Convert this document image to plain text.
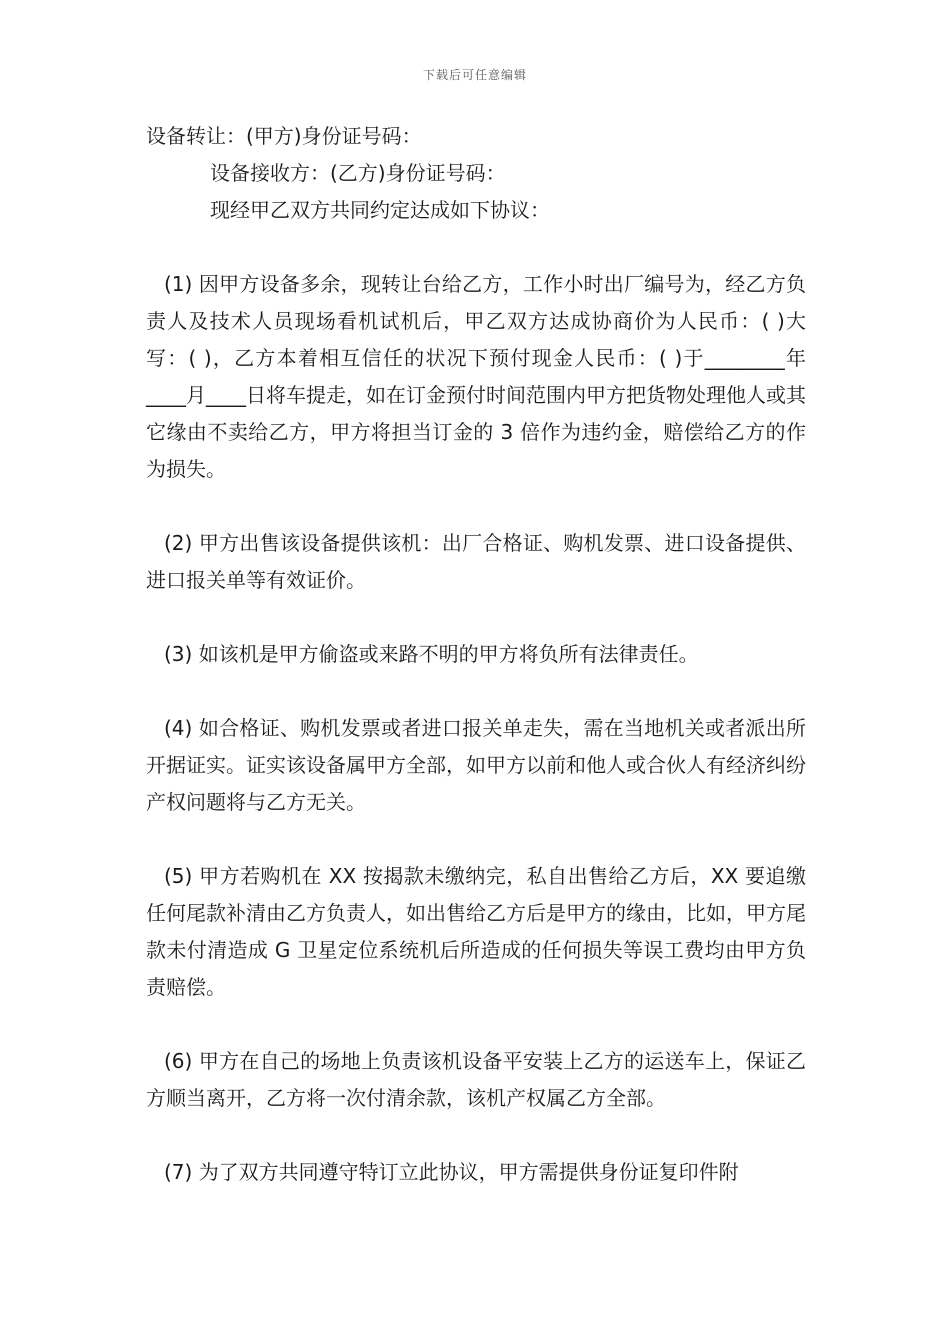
下载后可任意编辑
设备转让：(甲方)身份证号码：
设备接收方：(乙方)身份证号码：
现经甲乙双方共同约定达成如下协议：

(1) 因甲方设备多余，现转让台给乙方，工作小时出厂编号为，经乙方负责人及技术人员现场看机试机后，甲乙双方达成协商价为人民币：( )大写：( )，乙方本着相互信任的状况下预付现金人民币：( )于________年____月____日将车提走，如在订金预付时间范围内甲方把货物处理他人或其它缘由不卖给乙方，甲方将担当订金的 3 倍作为违约金，赔偿给乙方的作为损失。

(2) 甲方出售该设备提供该机：出厂合格证、购机发票、进口设备提供、进口报关单等有效证价。

(3) 如该机是甲方偷盗或来路不明的甲方将负所有法律责任。

(4) 如合格证、购机发票或者进口报关单走失，需在当地机关或者派出所开据证实。证实该设备属甲方全部，如甲方以前和他人或合伙人有经济纠纷产权问题将与乙方无关。

(5) 甲方若购机在 XX 按揭款未缴纳完，私自出售给乙方后，XX 要追缴任何尾款补清由乙方负责人，如出售给乙方后是甲方的缘由，比如，甲方尾款未付清造成 G 卫星定位系统机后所造成的任何损失等误工费均由甲方负责赔偿。

(6) 甲方在自己的场地上负责该机设备平安装上乙方的运送车上，保证乙方顺当离开，乙方将一次付清余款，该机产权属乙方全部。

(7) 为了双方共同遵守特订立此协议，甲方需提供身份证复印件附
